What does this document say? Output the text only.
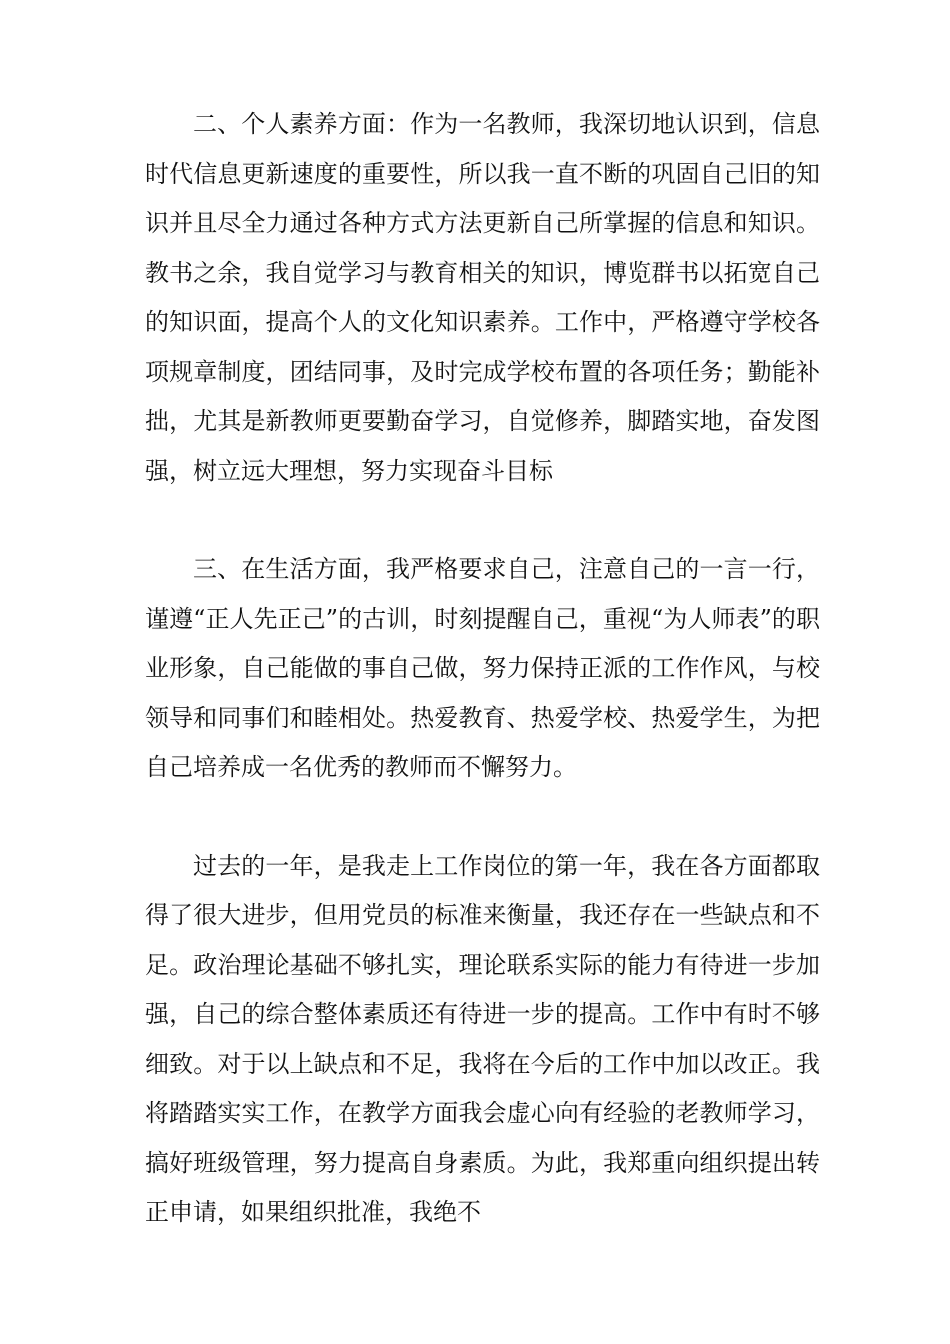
二、个人素养方面：作为一名教师，我深切地认识到，信息时代信息更新速度的重要性，所以我一直不断的巩固自己旧的知识并且尽全力通过各种方式方法更新自己所掌握的信息和知识。教书之余，我自觉学习与教育相关的知识，博览群书以拓宽自己的知识面，提高个人的文化知识素养。工作中，严格遵守学校各项规章制度，团结同事，及时完成学校布置的各项任务；勤能补拙，尤其是新教师更要勤奋学习，自觉修养，脚踏实地，奋发图强，树立远大理想，努力实现奋斗目标

三、在生活方面，我严格要求自己，注意自己的一言一行，谨遵“正人先正己”的古训，时刻提醒自己，重视“为人师表”的职业形象，自己能做的事自己做，努力保持正派的工作作风，与校领导和同事们和睦相处。热爱教育、热爱学校、热爱学生，为把自己培养成一名优秀的教师而不懈努力。

过去的一年，是我走上工作岗位的第一年，我在各方面都取得了很大进步，但用党员的标准来衡量，我还存在一些缺点和不足。政治理论基础不够扎实，理论联系实际的能力有待进一步加强，自己的综合整体素质还有待进一步的提高。工作中有时不够细致。对于以上缺点和不足，我将在今后的工作中加以改正。我将踏踏实实工作，在教学方面我会虚心向有经验的老教师学习，搞好班级管理，努力提高自身素质。为此，我郑重向组织提出转正申请，如果组织批准，我绝不
